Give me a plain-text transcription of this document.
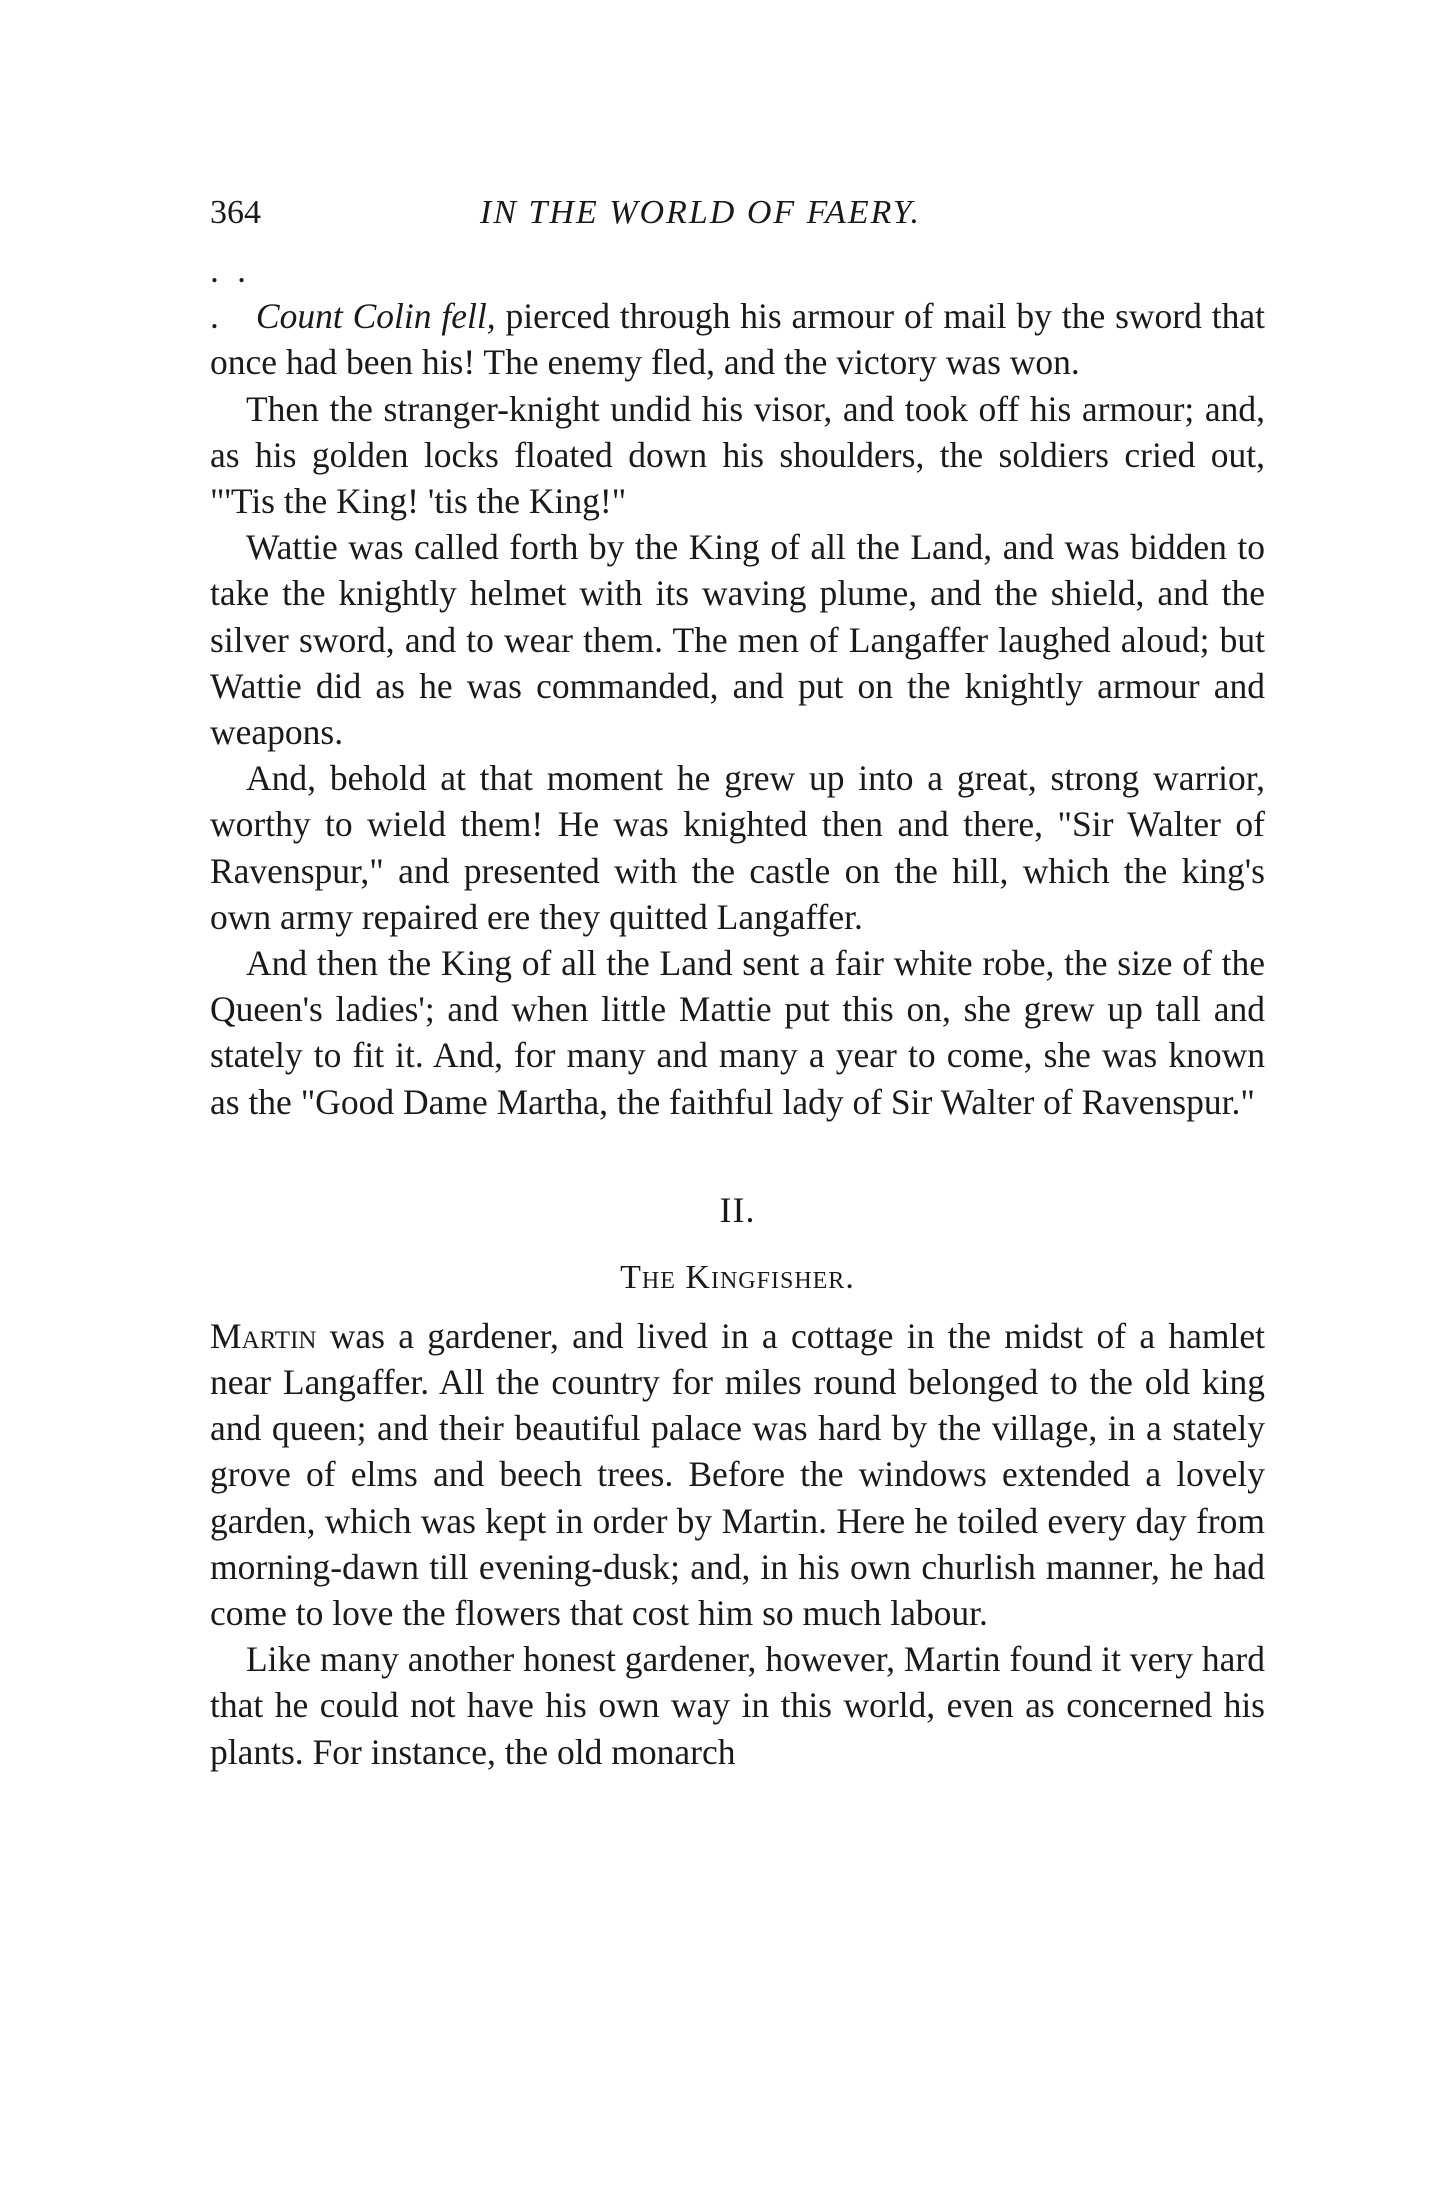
364	IN THE WORLD OF FAERY.

. . . Count Colin fell, pierced through his armour of mail by the sword that once had been his! The enemy fled, and the victory was won.

Then the stranger-knight undid his visor, and took off his armour; and, as his golden locks floated down his shoulders, the soldiers cried out, "'Tis the King! 'tis the King!"

Wattie was called forth by the King of all the Land, and was bidden to take the knightly helmet with its waving plume, and the shield, and the silver sword, and to wear them. The men of Langaffer laughed aloud; but Wattie did as he was commanded, and put on the knightly armour and weapons.

And, behold at that moment he grew up into a great, strong warrior, worthy to wield them! He was knighted then and there, "Sir Walter of Ravenspur," and presented with the castle on the hill, which the king's own army repaired ere they quitted Langaffer.

And then the King of all the Land sent a fair white robe, the size of the Queen's ladies'; and when little Mattie put this on, she grew up tall and stately to fit it. And, for many and many a year to come, she was known as the "Good Dame Martha, the faithful lady of Sir Walter of Ravenspur."

II.
The Kingfisher.

Martin was a gardener, and lived in a cottage in the midst of a hamlet near Langaffer. All the country for miles round belonged to the old king and queen; and their beautiful palace was hard by the village, in a stately grove of elms and beech trees. Before the windows extended a lovely garden, which was kept in order by Martin. Here he toiled every day from morning-dawn till evening-dusk; and, in his own churlish manner, he had come to love the flowers that cost him so much labour.

Like many another honest gardener, however, Martin found it very hard that he could not have his own way in this world, even as concerned his plants. For instance, the old monarch
